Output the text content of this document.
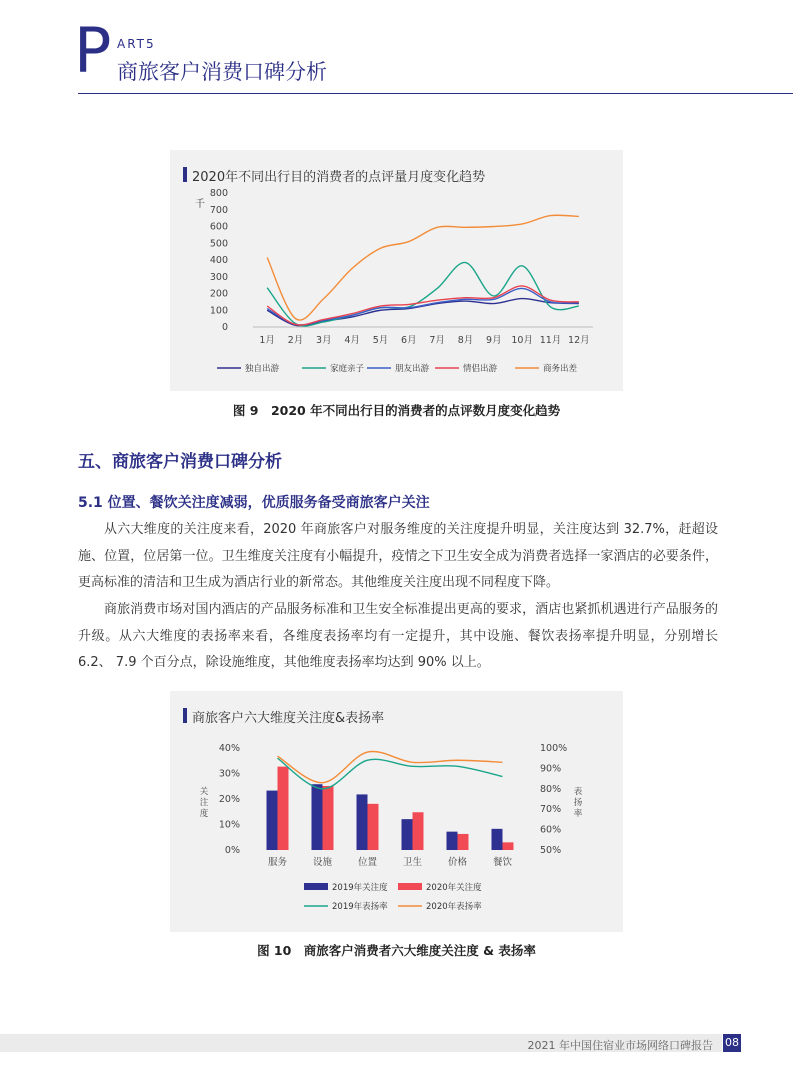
P ART5
商旅客户消费口碑分析
2020年不同出行目的消费者的点评量月度变化趋势
千
0
100
200
300
400
500
600
700
800
1月 2月 3月 4月 5月 6月 7月 8月 9月 10月 11月 12月
独自出游	家庭亲子	朋友出游	情侣出游	商务出差
图 9　2020 年不同出行目的消费者的点评数月度变化趋势
五、商旅客户消费口碑分析
5.1 位置、餐饮关注度减弱，优质服务备受商旅客户关注
从六大维度的关注度来看，2020 年商旅客户对服务维度的关注度提升明显，关注度达到 32.7%，赶超设施、位置，位居第一位。卫生维度关注度有小幅提升，疫情之下卫生安全成为消费者选择一家酒店的必要条件，更高标准的清洁和卫生成为酒店行业的新常态。其他维度关注度出现不同程度下降。
商旅消费市场对国内酒店的产品服务标准和卫生安全标准提出更高的要求，酒店也紧抓机遇进行产品服务的升级。从六大维度的表扬率来看，各维度表扬率均有一定提升，其中设施、餐饮表扬率提升明显，分别增长 6.2、 7.9 个百分点，除设施维度，其他维度表扬率均达到 90% 以上。
商旅客户六大维度关注度&表扬率
0%
10%
20%
30%
40%
50%
60%
70%
80%
90%
100%
关
注
度
表
扬
率
服务	设施	位置	卫生	价格	餐饮
2019年关注度	2020年关注度
2019年表扬率	2020年表扬率
图 10　商旅客户消费者六大维度关注度 & 表扬率
2021 年中国住宿业市场网络口碑报告 08
